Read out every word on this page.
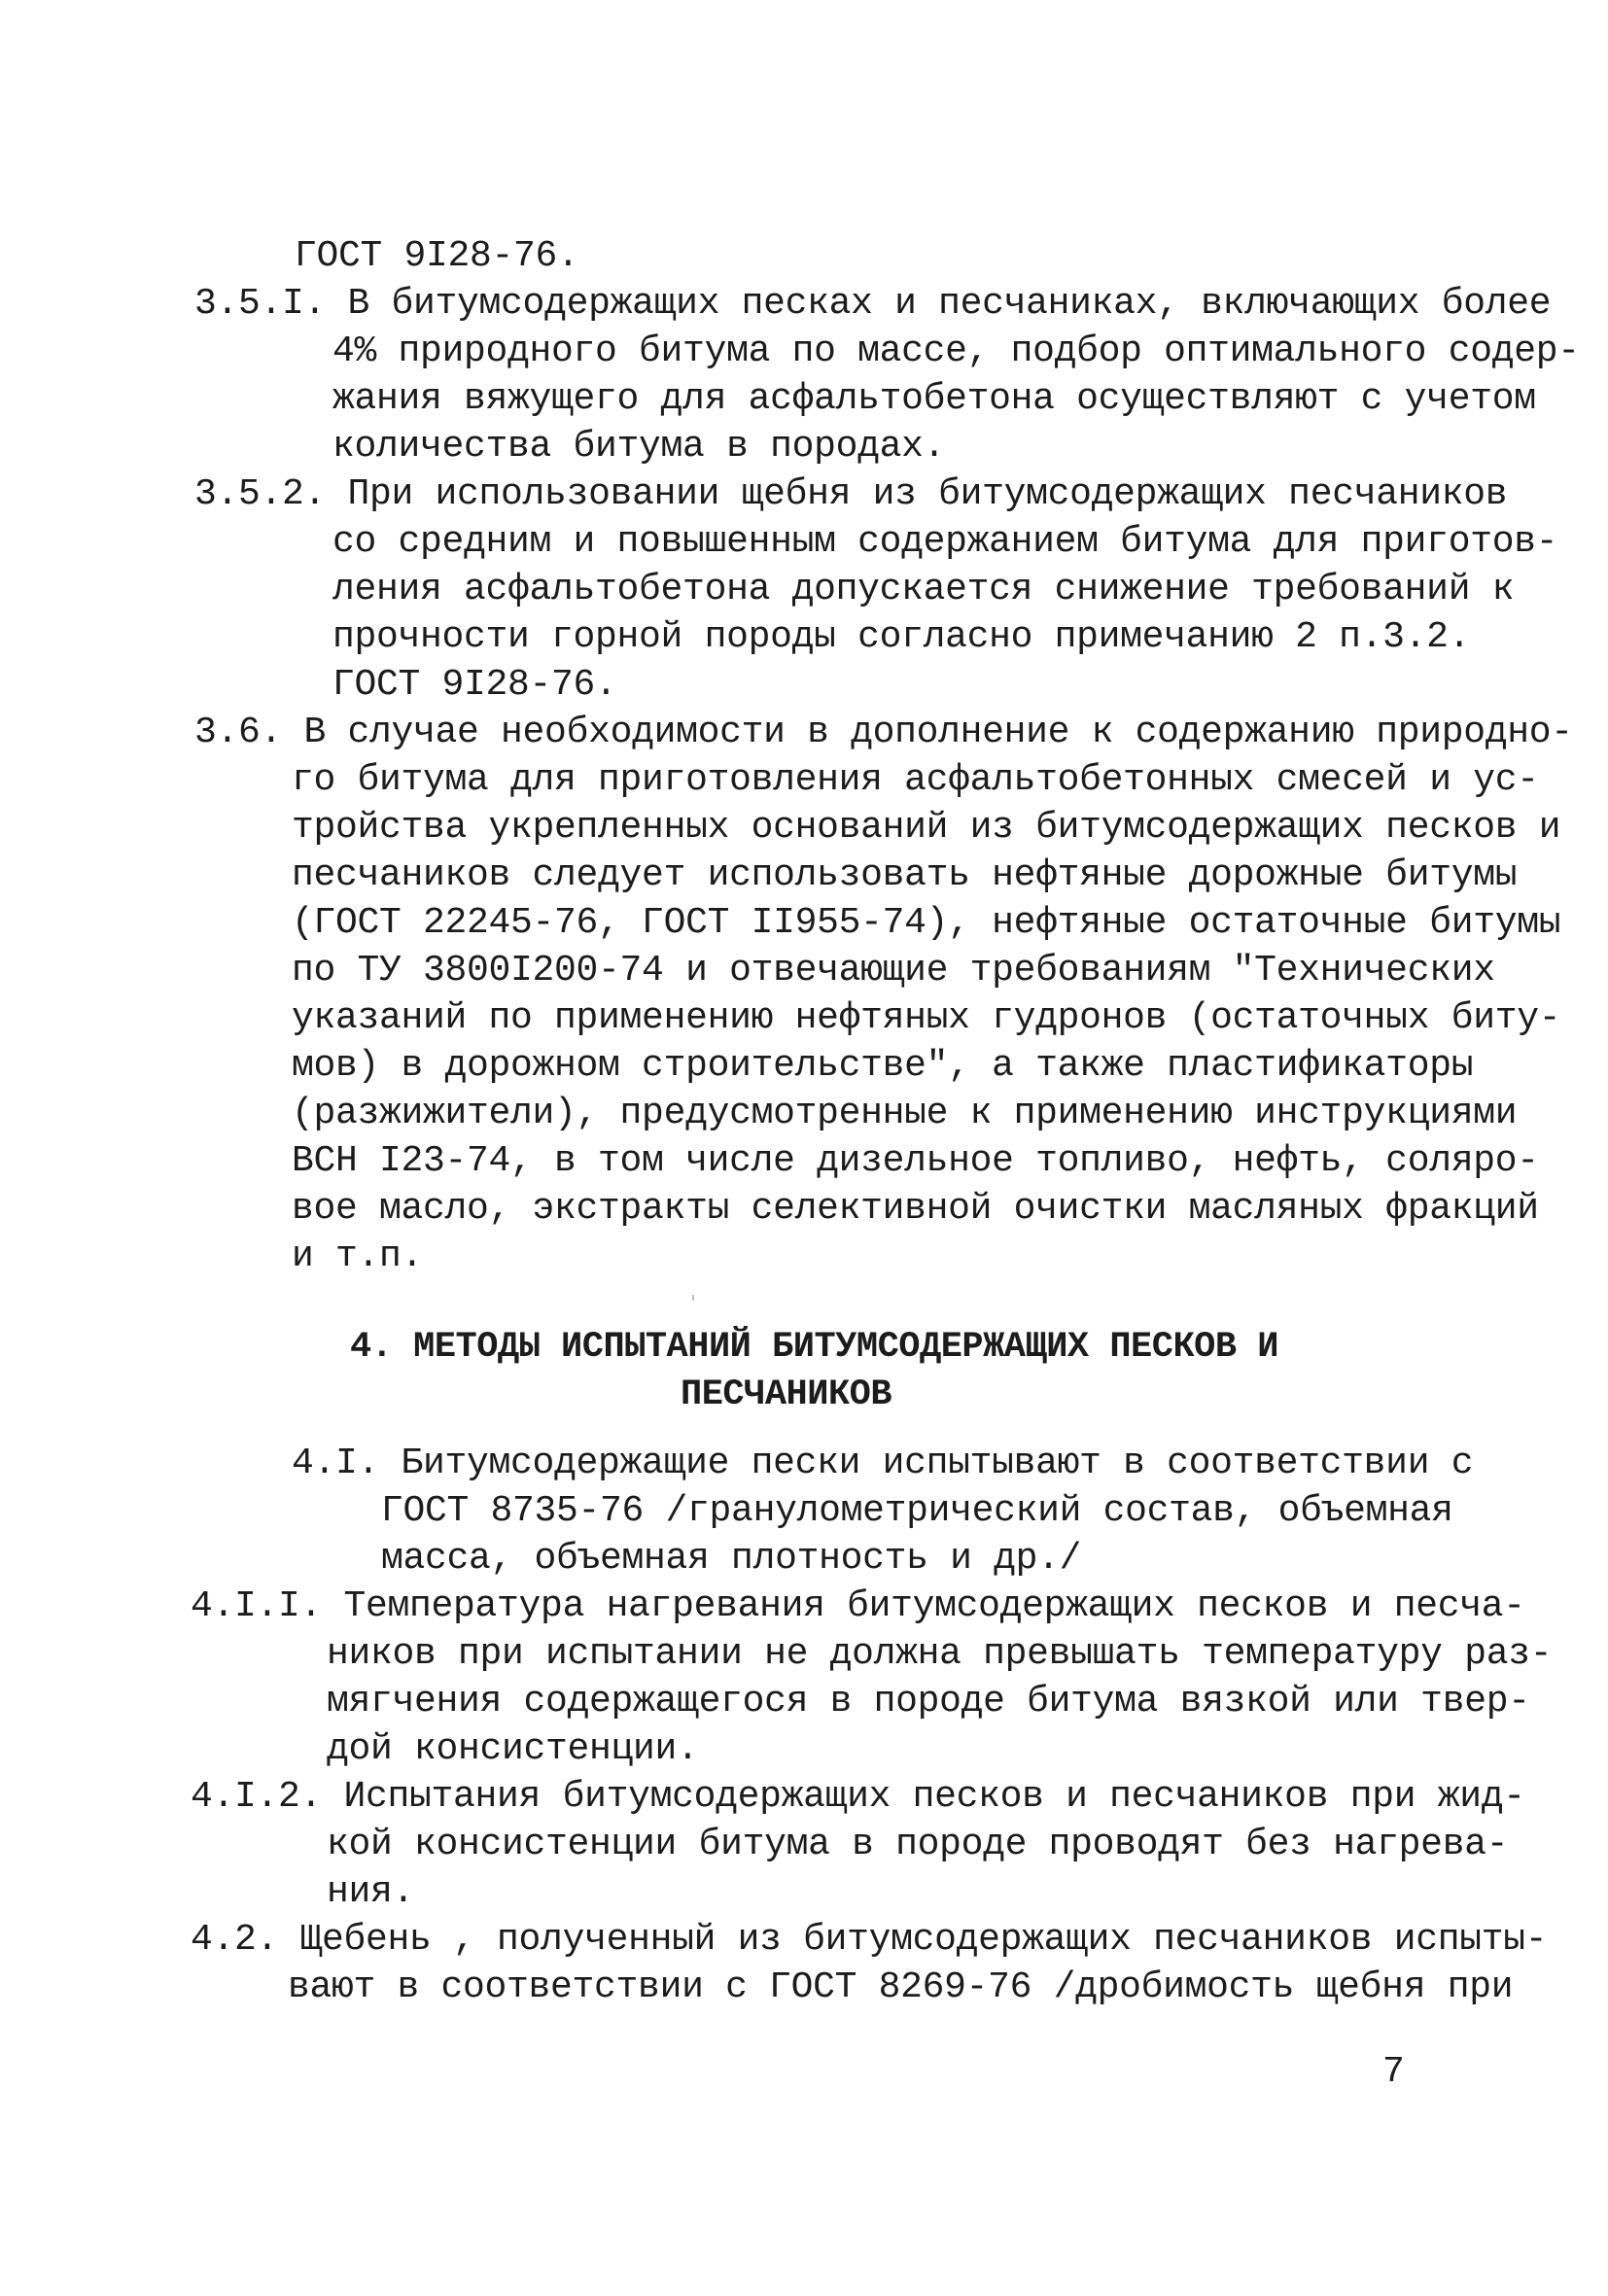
ГОСТ 9I28-76.
3.5.I. В битумсодержащих песках и песчаниках, включающих более
4% природного битума по массе, подбор оптимального содер-
жания вяжущего для асфальтобетона осуществляют с учетом
количества битума в породах.
3.5.2. При использовании щебня из битумсодержащих песчаников
со средним и повышенным содержанием битума для приготов-
ления асфальтобетона допускается снижение требований к
прочности горной породы согласно примечанию 2 п.3.2.
ГОСТ 9I28-76.
3.6. В случае необходимости в дополнение к содержанию природно-
го битума для приготовления асфальтобетонных смесей и ус-
тройства укрепленных оснований из битумсодержащих песков и
песчаников следует использовать нефтяные дорожные битумы
(ГОСТ 22245-76, ГОСТ II955-74), нефтяные остаточные битумы
по ТУ 3800I200-74 и отвечающие требованиям "Технических
указаний по применению нефтяных гудронов (остаточных биту-
мов) в дорожном строительстве", а также пластификаторы
(разжижители), предусмотренные к применению инструкциями
ВСН I23-74, в том числе дизельное топливо, нефть, соляро-
вое масло, экстракты селективной очистки масляных фракций
и т.п.
4. МЕТОДЫ ИСПЫТАНИЙ БИТУМСОДЕРЖАЩИХ ПЕСКОВ И
ПЕСЧАНИКОВ
4.I. Битумсодержащие пески испытывают в соответствии с
ГОСТ 8735-76 /гранулометрический состав, объемная
масса, объемная плотность и др./
4.I.I. Температура нагревания битумсодержащих песков и песча-
ников при испытании не должна превышать температуру раз-
мягчения содержащегося в породе битума вязкой или твер-
дой консистенции.
4.I.2. Испытания битумсодержащих песков и песчаников при жид-
кой консистенции битума в породе проводят без нагрева-
ния.
4.2. Щебень , полученный из битумсодержащих песчаников испыты-
вают в соответствии с ГОСТ 8269-76 /дробимость щебня при
7
